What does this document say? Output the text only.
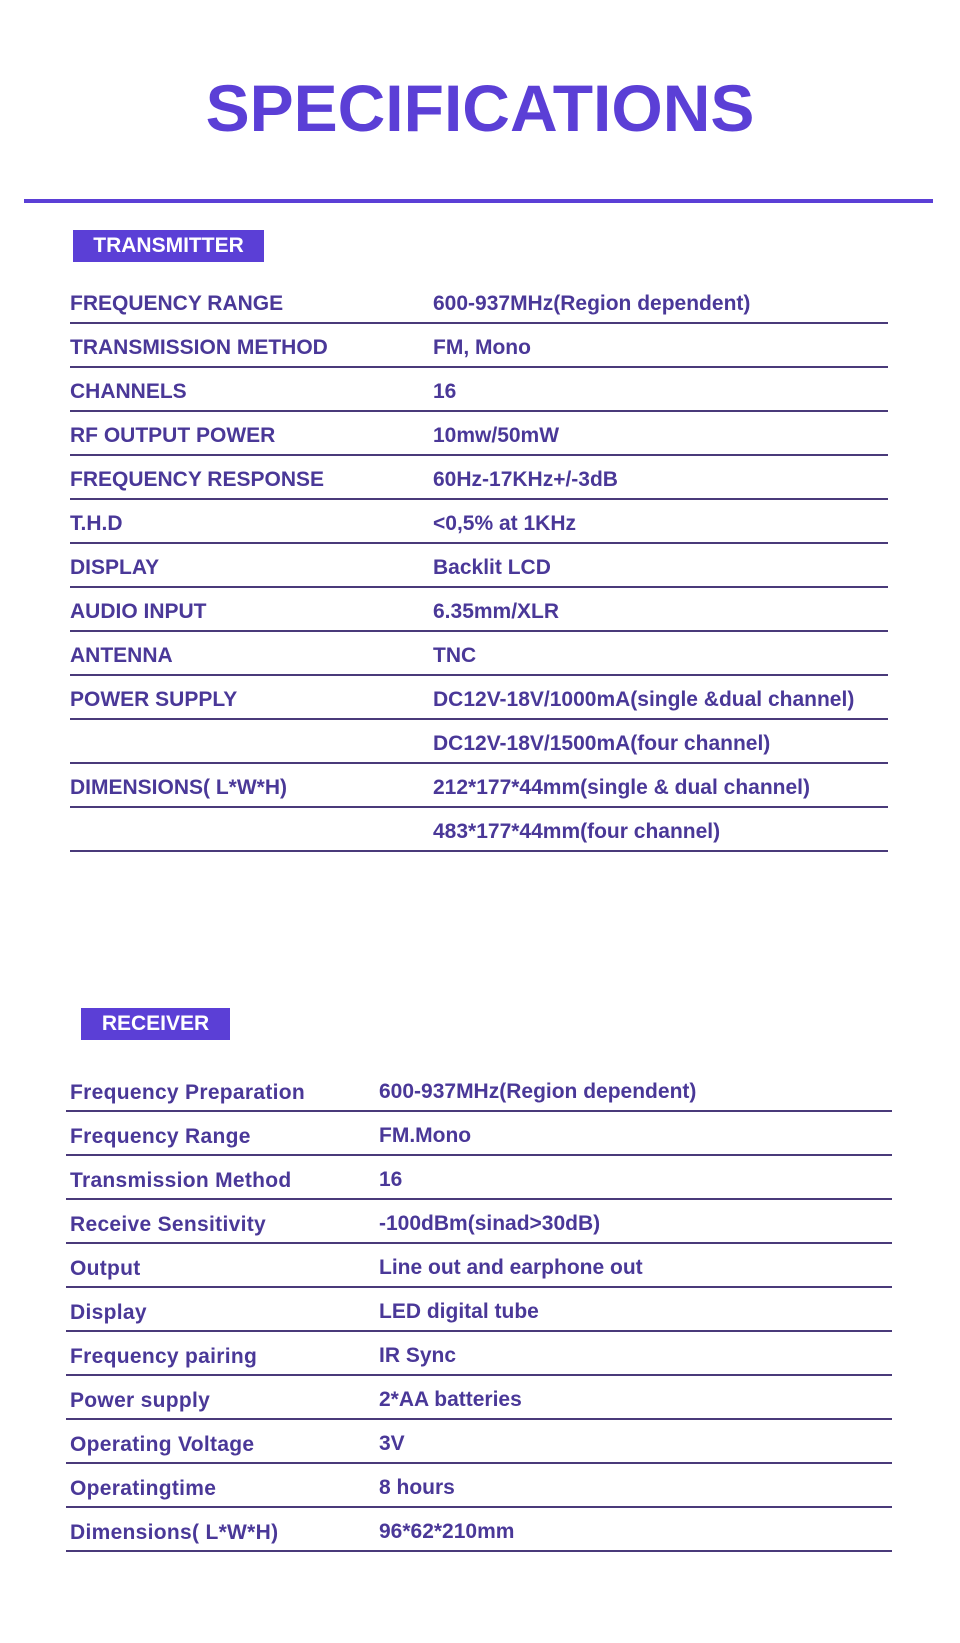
SPECIFICATIONS
TRANSMITTER
FREQUENCY RANGE	600-937MHz(Region dependent)
TRANSMISSION METHOD	FM, Mono
CHANNELS	16
RF OUTPUT POWER	10mw/50mW
FREQUENCY RESPONSE	60Hz-17KHz+/-3dB
T.H.D	<0,5% at 1KHz
DISPLAY	Backlit LCD
AUDIO INPUT	6.35mm/XLR
ANTENNA	TNC
POWER SUPPLY	DC12V-18V/1000mA(single &dual channel)
DC12V-18V/1500mA(four channel)
DIMENSIONS( L*W*H)	212*177*44mm(single & dual channel)
483*177*44mm(four channel)
RECEIVER
Frequency Preparation	600-937MHz(Region dependent)
Frequency Range	FM.Mono
Transmission Method	16
Receive Sensitivity	-100dBm(sinad>30dB)
Output	Line out and earphone out
Display	LED digital tube
Frequency pairing	IR Sync
Power supply	2*AA batteries
Operating Voltage	3V
Operatingtime	8 hours
Dimensions( L*W*H)	96*62*210mm
